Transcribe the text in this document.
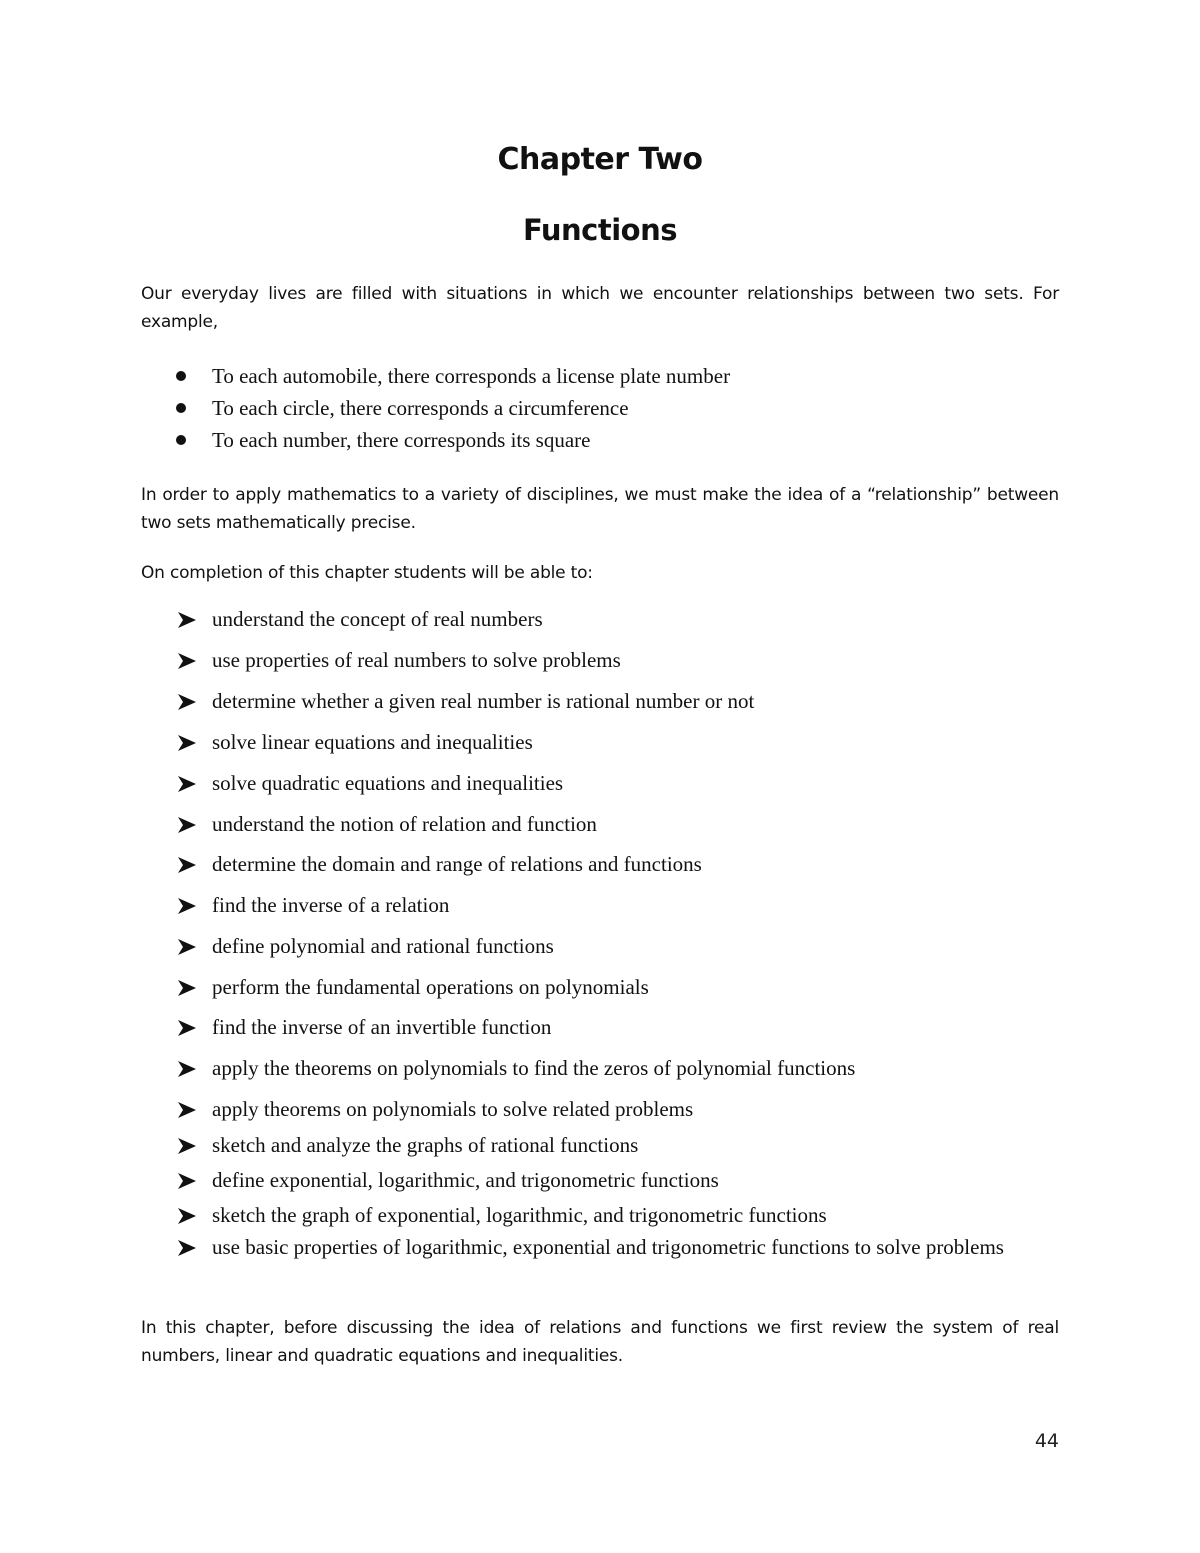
Chapter Two
Functions

Our everyday lives are filled with situations in which we encounter relationships between two sets. For example,

To each automobile, there corresponds a license plate number
To each circle, there corresponds a circumference
To each number, there corresponds its square

In order to apply mathematics to a variety of disciplines, we must make the idea of a “relationship” between two sets mathematically precise.

On completion of this chapter students will be able to:

understand the concept of real numbers
use properties of real numbers to solve problems
determine whether a given real number is rational number or not
solve linear equations and inequalities
solve quadratic equations and inequalities
understand the notion of relation and function
determine the domain and range of relations and functions
find the inverse of a relation
define polynomial and rational functions
perform the fundamental operations on polynomials
find the inverse of an invertible function
apply the theorems on polynomials to find the zeros of polynomial functions
apply theorems on polynomials to solve related problems
sketch and analyze the graphs of rational functions
define exponential, logarithmic, and trigonometric functions
sketch the graph of exponential, logarithmic, and trigonometric functions
use basic properties of logarithmic, exponential and trigonometric functions to solve problems

In this chapter, before discussing the idea of relations and functions we first review the system of real numbers, linear and quadratic equations and inequalities.

44
